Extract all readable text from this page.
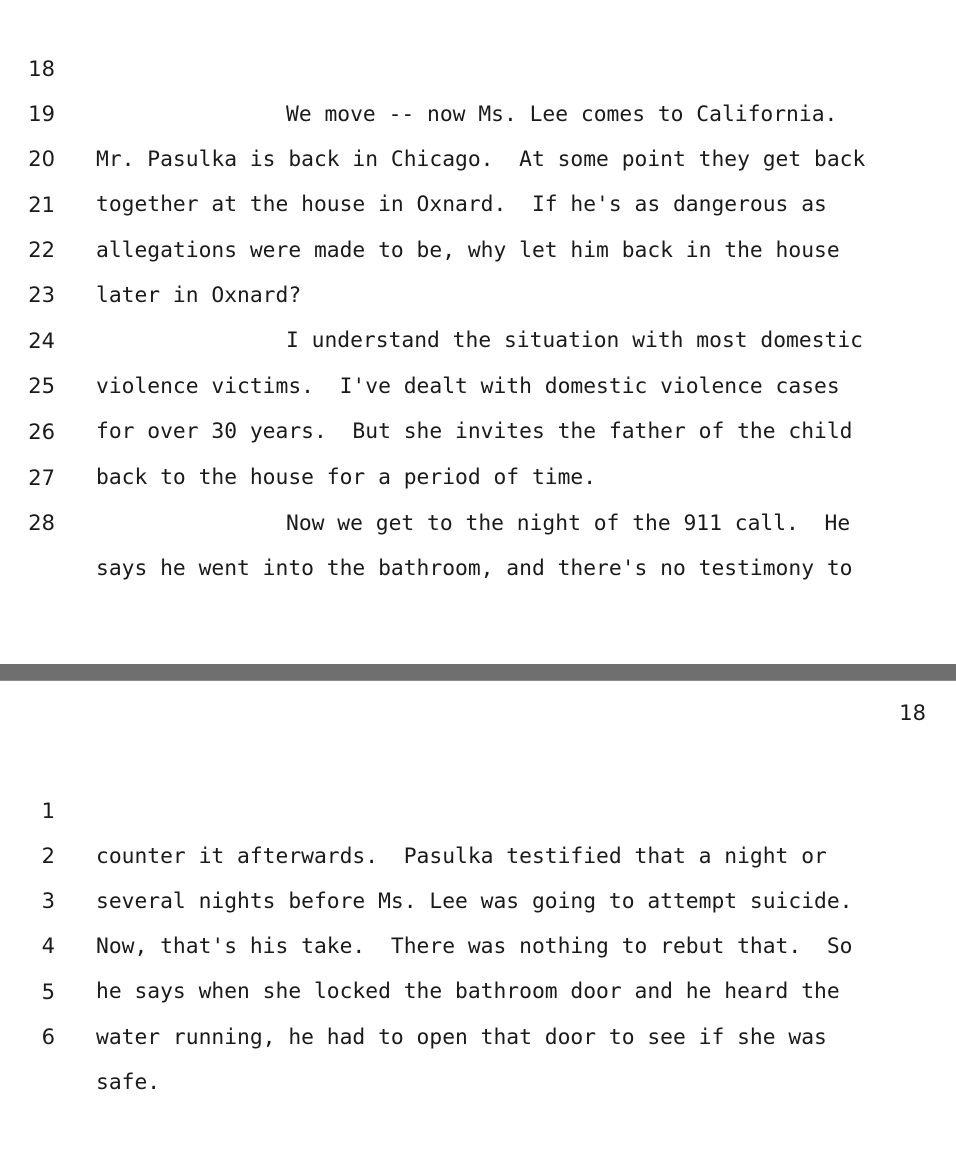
18

We move -- now Ms. Lee comes to California.

19

Mr. Pasulka is back in Chicago.  At some point they get back

20

together at the house in Oxnard.  If he's as dangerous as

21

allegations were made to be, why let him back in the house

22

later in Oxnard?

23

I understand the situation with most domestic

24

violence victims.  I've dealt with domestic violence cases

25

for over 30 years.  But she invites the father of the child

26

back to the house for a period of time.

27

Now we get to the night of the 911 call.  He

28

says he went into the bathroom, and there's no testimony to

18

1

counter it afterwards.  Pasulka testified that a night or

2

several nights before Ms. Lee was going to attempt suicide.

3

Now, that's his take.  There was nothing to rebut that.  So

4

he says when she locked the bathroom door and he heard the

5

water running, he had to open that door to see if she was

6

safe.
